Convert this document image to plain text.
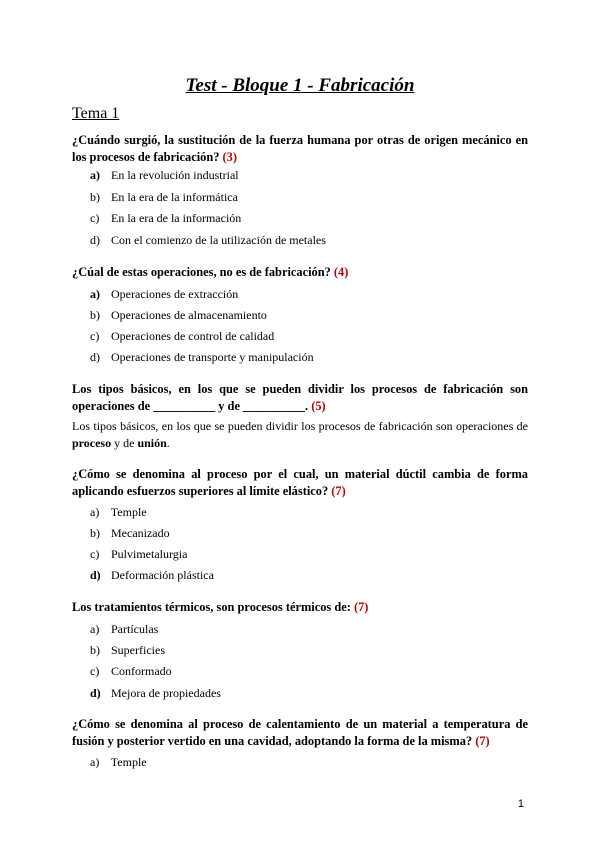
Test - Bloque 1 - Fabricación
Tema 1
¿Cuándo surgió, la sustitución de la fuerza humana por otras de origen mecánico en los procesos de fabricación? (3)
a) En la revolución industrial
b) En la era de la informática
c) En la era de la información
d) Con el comienzo de la utilización de metales
¿Cúal de estas operaciones, no es de fabricación? (4)
a) Operaciones de extracción
b) Operaciones de almacenamiento
c) Operaciones de control de calidad
d) Operaciones de transporte y manipulación
Los tipos básicos, en los que se pueden dividir los procesos de fabricación son operaciones de __________ y de __________. (5)
Los tipos básicos, en los que se pueden dividir los procesos de fabricación son operaciones de proceso y de unión.
¿Cómo se denomina al proceso por el cual, un material dúctil cambia de forma aplicando esfuerzos superiores al límite elástico? (7)
a) Temple
b) Mecanizado
c) Pulvimetalurgia
d) Deformación plástica
Los tratamientos térmicos, son procesos térmicos de: (7)
a) Partículas
b) Superficies
c) Conformado
d) Mejora de propiedades
¿Cómo se denomina al proceso de calentamiento de un material a temperatura de fusión y posterior vertido en una cavidad, adoptando la forma de la misma? (7)
a) Temple
1
